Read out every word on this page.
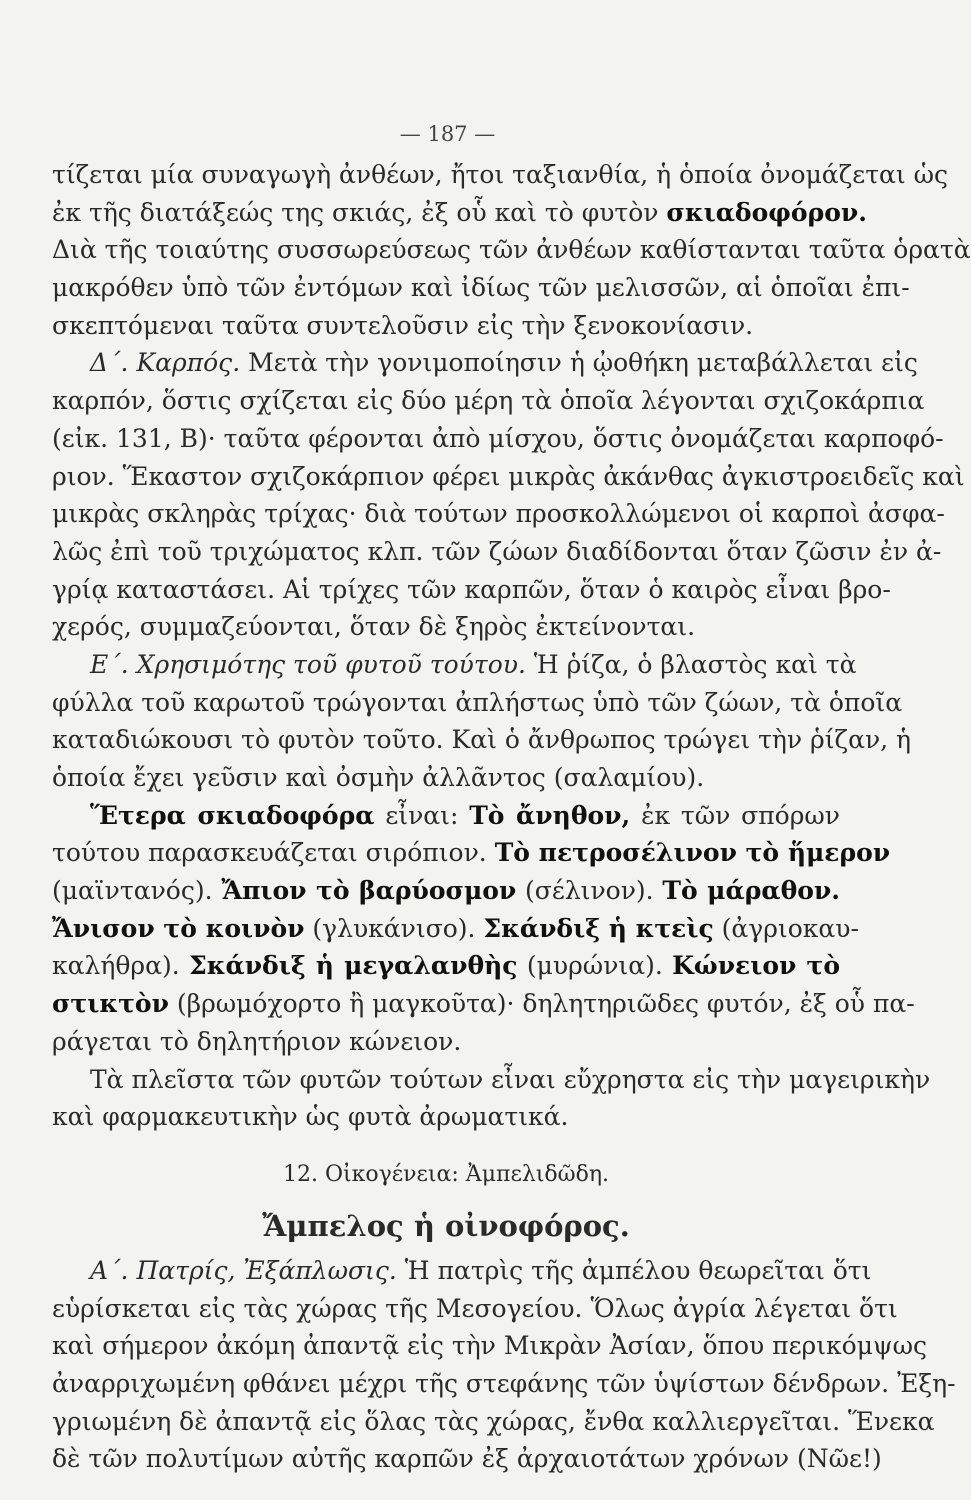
— 187 —
τίζεται μία συναγωγὴ ἀνθέων, ἤτοι ταξιανθία, ἡ ὁποία ὀνομάζεται ὡς
ἐκ τῆς διατάξεώς της σκιάς, ἐξ οὗ καὶ τὸ φυτὸν σκιαδοφόρον.
Διὰ τῆς τοιαύτης συσσωρεύσεως τῶν ἀνθέων καθίστανται ταῦτα ὁρατὰ
μακρόθεν ὑπὸ τῶν ἐντόμων καὶ ἰδίως τῶν μελισσῶν, αἱ ὁποῖαι ἐπι-
σκεπτόμεναι ταῦτα συντελοῦσιν εἰς τὴν ξενοκονίασιν.
Δ΄. Καρπός. Μετὰ τὴν γονιμοποίησιν ἡ ᾠοθήκη μεταβάλλεται εἰς
καρπόν, ὅστις σχίζεται εἰς δύο μέρη τὰ ὁποῖα λέγονται σχιζοκάρπια
(εἰκ. 131, Β)· ταῦτα φέρονται ἀπὸ μίσχου, ὅστις ὀνομάζεται καρποφό-
ριον. Ἕκαστον σχιζοκάρπιον φέρει μικρὰς ἀκάνθας ἀγκιστροειδεῖς καὶ
μικρὰς σκληρὰς τρίχας· διὰ τούτων προσκολλώμενοι οἱ καρποὶ ἀσφα-
λῶς ἐπὶ τοῦ τριχώματος κλπ. τῶν ζώων διαδίδονται ὅταν ζῶσιν ἐν ἀ-
γρίᾳ καταστάσει. Αἱ τρίχες τῶν καρπῶν, ὅταν ὁ καιρὸς εἶναι βρο-
χερός, συμμαζεύονται, ὅταν δὲ ξηρὸς ἐκτείνονται.
Ε΄. Χρησιμότης τοῦ φυτοῦ τούτου. Ἡ ῥίζα, ὁ βλαστὸς καὶ τὰ
φύλλα τοῦ καρωτοῦ τρώγονται ἀπλήστως ὑπὸ τῶν ζώων, τὰ ὁποῖα
καταδιώκουσι τὸ φυτὸν τοῦτο. Καὶ ὁ ἄνθρωπος τρώγει τὴν ῥίζαν, ἡ
ὁποία ἔχει γεῦσιν καὶ ὀσμὴν ἀλλᾶντος (σαλαμίου).
Ἕτερα σκιαδοφόρα εἶναι: Τὸ ἄνηθον, ἐκ τῶν σπόρων
τούτου παρασκευάζεται σιρόπιον. Τὸ πετροσέλινον τὸ ἥμερον
(μαϊντανός). Ἄπιον τὸ βαρύοσμον (σέλινον). Τὸ μάραθον.
Ἄνισον τὸ κοινὸν (γλυκάνισο). Σκάνδιξ ἡ κτεὶς (ἀγριοκαυ-
καλήθρα). Σκάνδιξ ἡ μεγαλανθὴς (μυρώνια). Κώνειον τὸ
στικτὸν (βρωμόχορτο ἢ μαγκοῦτα)· δηλητηριῶδες φυτόν, ἐξ οὗ πα-
ράγεται τὸ δηλητήριον κώνειον.
Τὰ πλεῖστα τῶν φυτῶν τούτων εἶναι εὔχρηστα εἰς τὴν μαγειρικὴν
καὶ φαρμακευτικὴν ὡς φυτὰ ἀρωματικά.
12. Οἰκογένεια: Ἀμπελιδῶδη.
Ἄμπελος ἡ οἰνοφόρος.
Α΄. Πατρίς, Ἐξάπλωσις. Ἡ πατρὶς τῆς ἀμπέλου θεωρεῖται ὅτι
εὑρίσκεται εἰς τὰς χώρας τῆς Μεσογείου. Ὅλως ἀγρία λέγεται ὅτι
καὶ σήμερον ἀκόμη ἀπαντᾷ εἰς τὴν Μικρὰν Ἀσίαν, ὅπου περικόμψως
ἀναρριχωμένη φθάνει μέχρι τῆς στεφάνης τῶν ὑψίστων δένδρων. Ἐξη-
γριωμένη δὲ ἀπαντᾷ εἰς ὅλας τὰς χώρας, ἔνθα καλλιεργεῖται. Ἕνεκα
δὲ τῶν πολυτίμων αὐτῆς καρπῶν ἐξ ἀρχαιοτάτων χρόνων (Νῶε!)
